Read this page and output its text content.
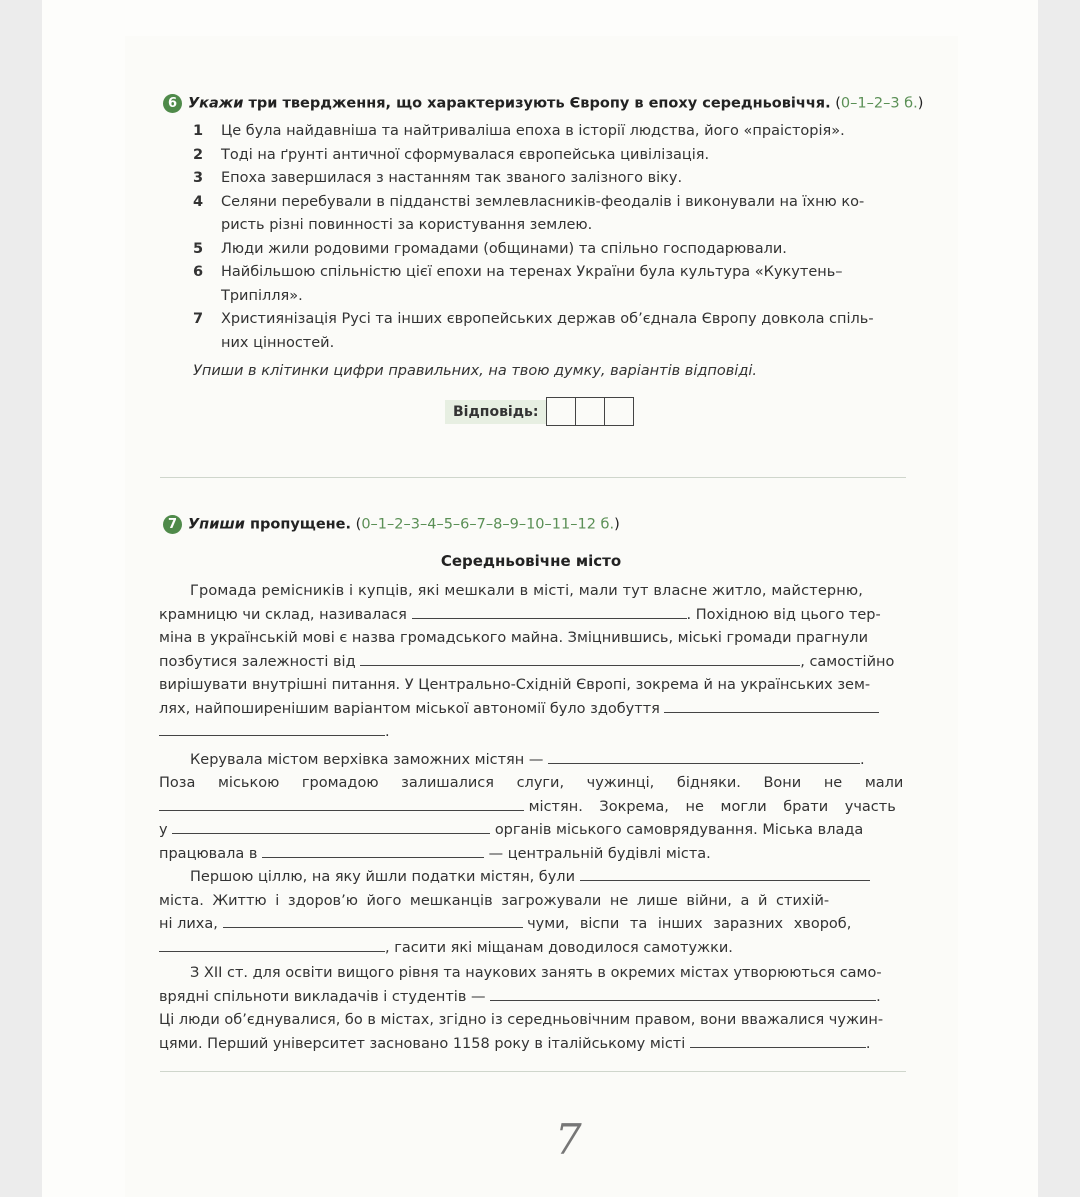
6 Укажи три твердження, що характеризують Європу в епоху середньовіччя. (0–1–2–3 б.)
1 Це була найдавніша та найтриваліша епоха в історії людства, його «праісторія».
2 Тоді на ґрунті античної сформувалася європейська цивілізація.
3 Епоха завершилася з настанням так званого залізного віку.
4 Селяни перебували в підданстві землевласників-феодалів і виконували на їхню ко-
ристь різні повинності за користування землею.
5 Люди жили родовими громадами (общинами) та спільно господарювали.
6 Найбільшою спільністю цієї епохи на теренах України була культура «Кукутень–
Трипілля».
7 Християнізація Русі та інших європейських держав об’єднала Європу довкола спіль-
них цінностей.
Упиши в клітинки цифри правильних, на твою думку, варіантів відповіді.
Відповідь:
7 Упиши пропущене. (0–1–2–3–4–5–6–7–8–9–10–11–12 б.)
Середньовічне місто
Громада ремісників і купців, які мешкали в місті, мали тут власне житло, майстерню,
крамницю чи склад, називалася	. Похідною від цього тер-
міна в українській мові є назва громадського майна. Зміцнившись, міські громади прагнули
позбутися залежності від	, самостійно
вирішувати внутрішні питання. У Центрально-Східній Європі, зокрема й на українських зем-
лях, найпоширенішим варіантом міської автономії було здобуття
.
Керувала містом верхівка заможних містян —	.
Поза міською громадою залишалися слуги, чужинці, бідняки. Вони не мали
містян. Зокрема, не могли брати участь
у	органів міського самоврядування. Міська влада
працювала в	— центральній будівлі міста.
Першою ціллю, на яку йшли податки містян, були
міста. Життю і здоров’ю його мешканців загрожували не лише війни, а й стихій-
ні лиха,	чуми, віспи та інших заразних хвороб,
, гасити які міщанам доводилося самотужки.
З XII ст. для освіти вищого рівня та наукових занять в окремих містах утворюються само-
врядні спільноти викладачів і студентів —	.
Ці люди об’єднувалися, бо в містах, згідно із середньовічним правом, вони вважалися чужин-
цями. Перший університет засновано 1158 року в італійському місті	.
7
